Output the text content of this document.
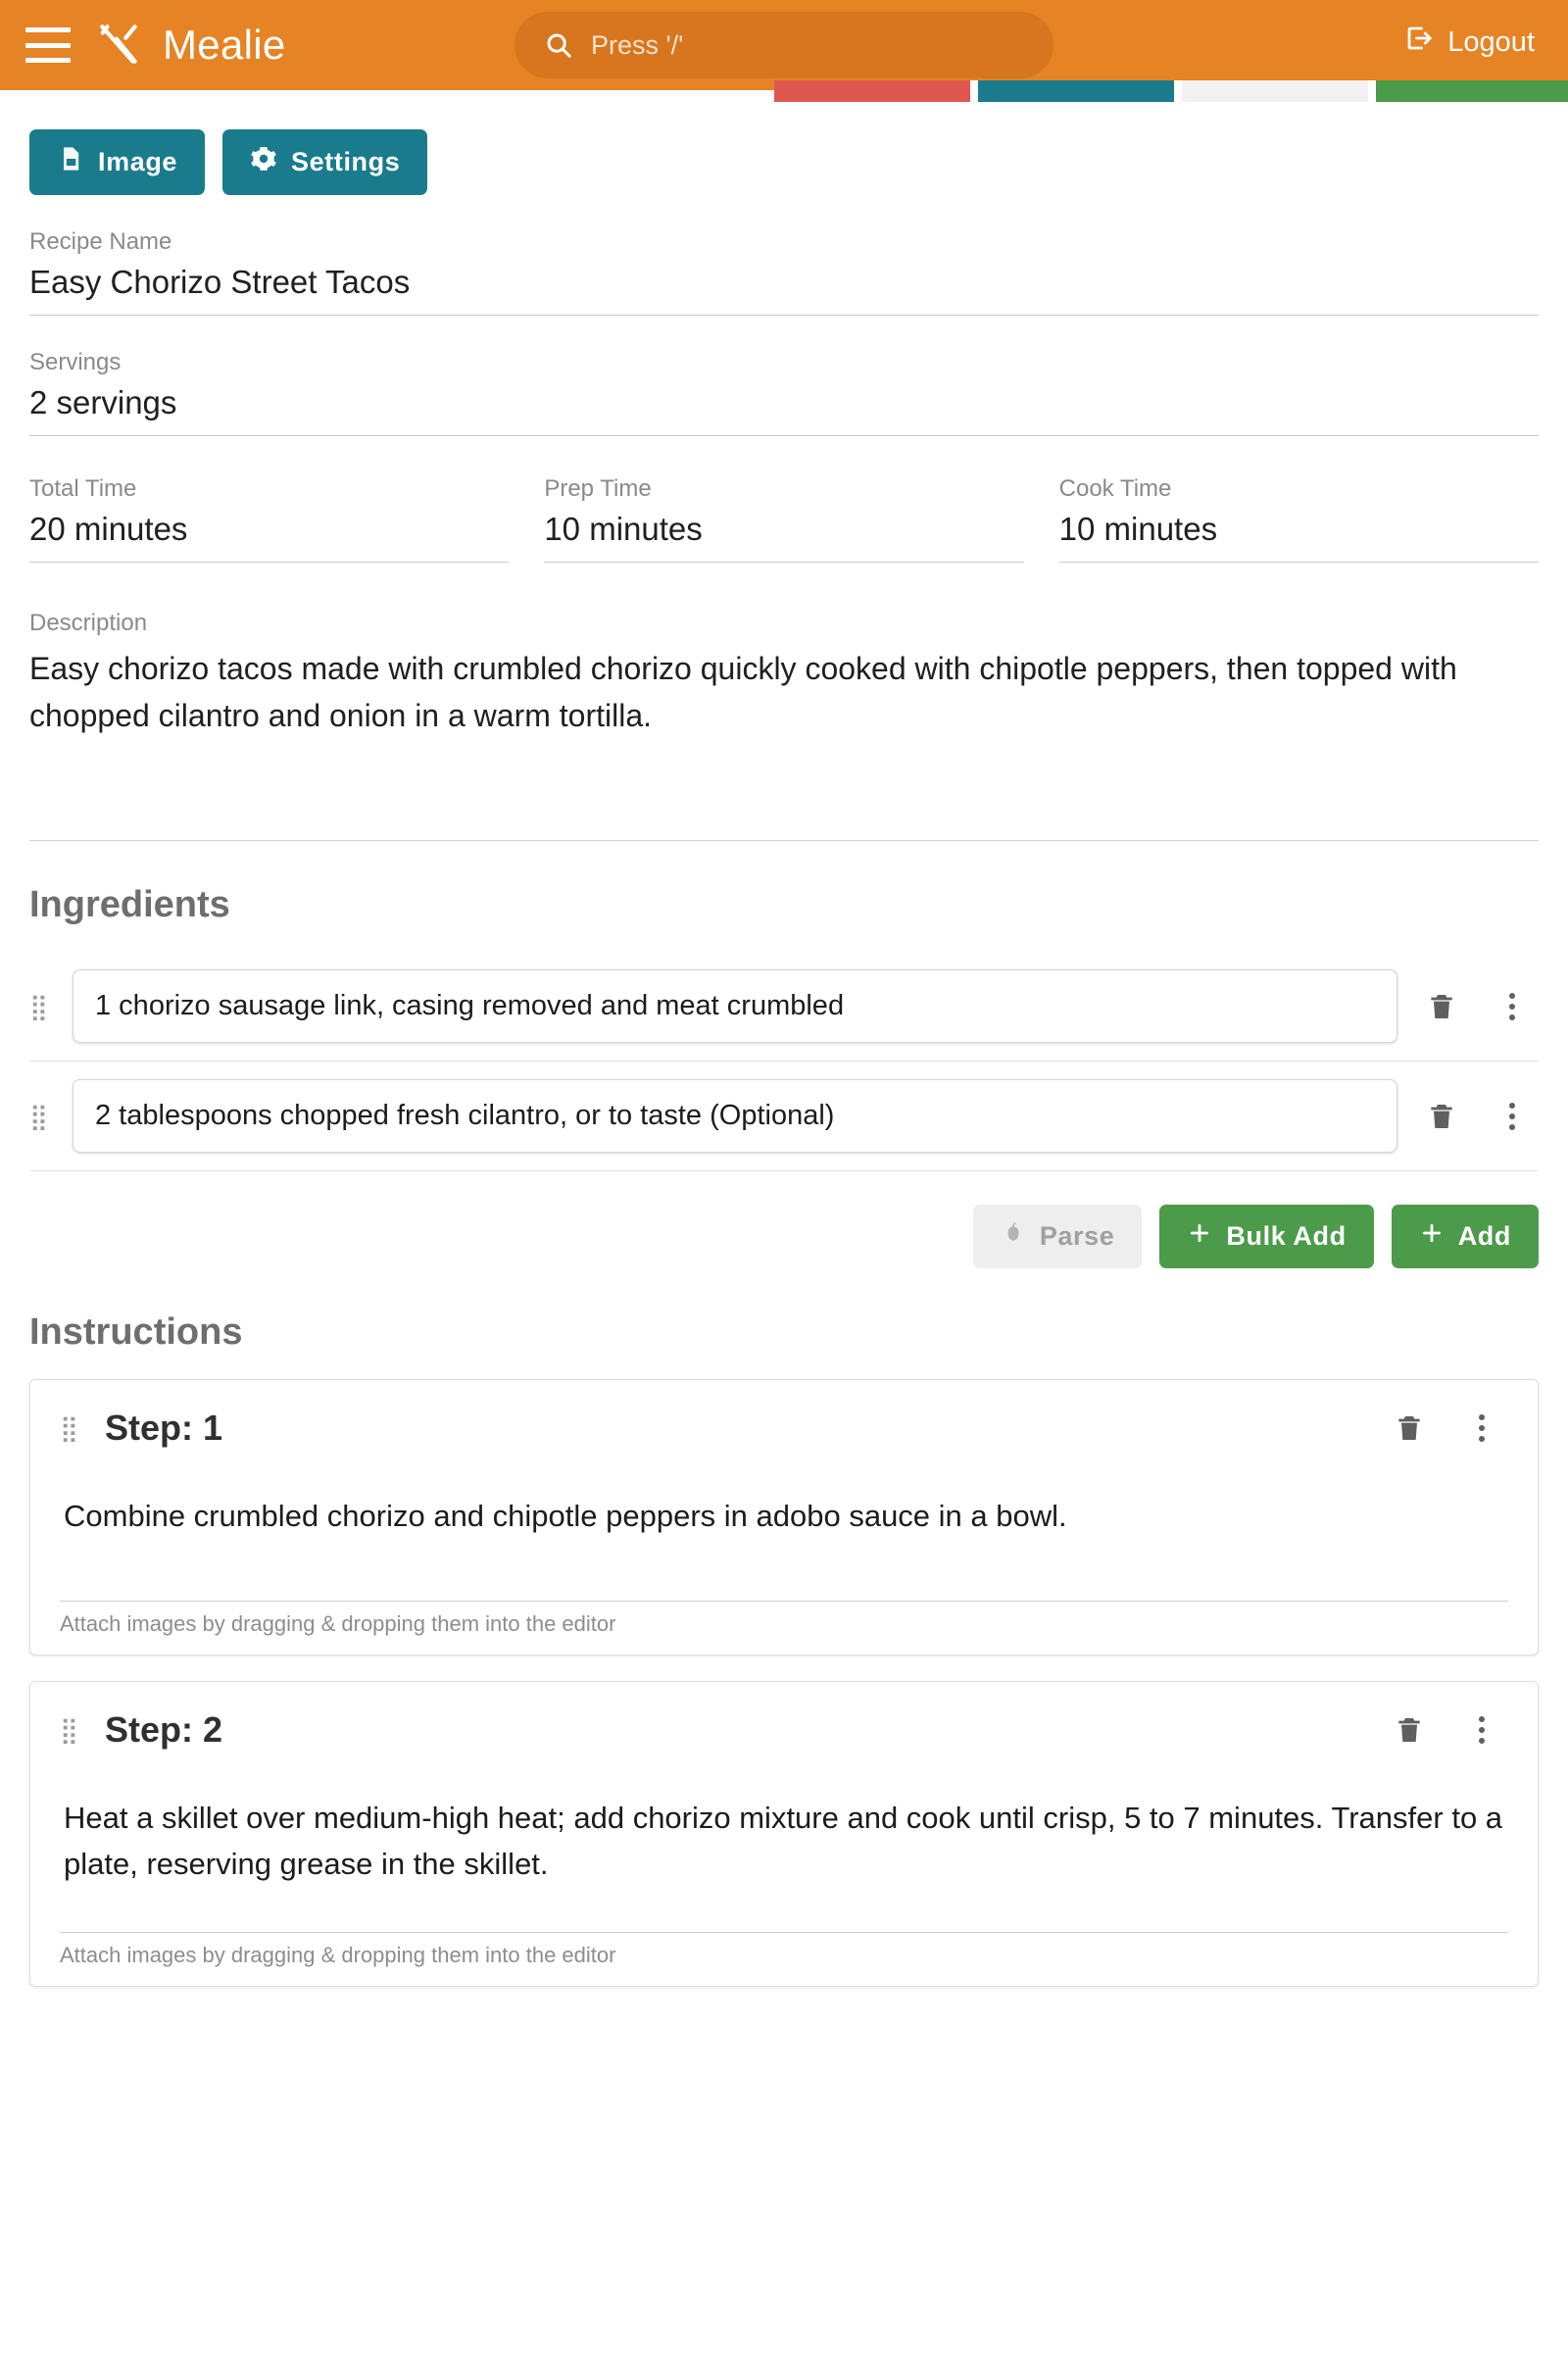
Mealie	Press '/'	Logout
Image	Settings
Recipe Name
Easy Chorizo Street Tacos
Servings
2 servings
Total Time
20 minutes
Prep Time
10 minutes
Cook Time
10 minutes
Description
Easy chorizo tacos made with crumbled chorizo quickly cooked with chipotle peppers, then topped with chopped cilantro and onion in a warm tortilla.
Ingredients
⣿
1 chorizo sausage link, casing removed and meat crumbled
⣿
2 tablespoons chopped fresh cilantro, or to taste (Optional)
Parse	Bulk Add	Add
Instructions
⣿ Step: 1
Combine crumbled chorizo and chipotle peppers in adobo sauce in a bowl.
Attach images by dragging & dropping them into the editor
⣿ Step: 2
Heat a skillet over medium-high heat; add chorizo mixture and cook until crisp, 5 to 7 minutes. Transfer to a plate, reserving grease in the skillet.
Attach images by dragging & dropping them into the editor
